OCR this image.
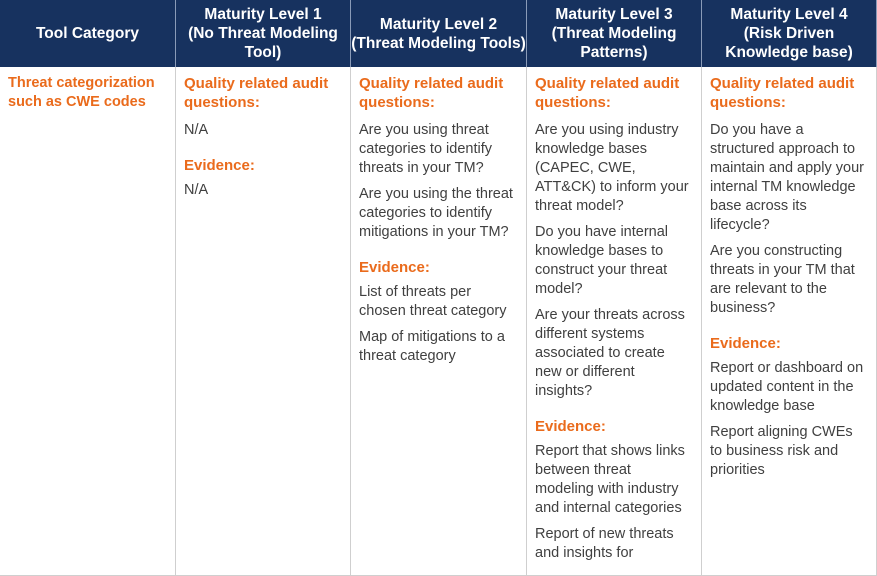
Tool Category
Maturity Level 1
(No Threat Modeling Tool)
Maturity Level 2
(Threat Modeling Tools)
Maturity Level 3
(Threat Modeling Patterns)
Maturity Level 4
(Risk Driven Knowledge base)
Threat categorization such as CWE codes
Quality related audit questions:

N/A

Evidence:

N/A

Quality related audit questions:

Are you using threat categories to identify threats in your TM?

Are you using the threat categories to identify mitigations in your TM?

Evidence:

List of threats per chosen threat category

Map of mitigations to a threat category

Quality related audit questions:

Are you using industry knowledge bases (CAPEC, CWE, ATT&CK) to inform your threat model?

Do you have internal knowledge bases to construct your threat model?

Are your threats across different systems associated to create new or different insights?

Evidence:

Report that shows links between threat modeling with industry and internal categories

Report of new threats and insights for

Quality related audit questions:

Do you have a structured approach to maintain and apply your internal TM knowledge base across its lifecycle?

Are you constructing threats in your TM that are relevant to the business?

Evidence:

Report or dashboard on updated content in the knowledge base

Report aligning CWEs to business risk and priorities
